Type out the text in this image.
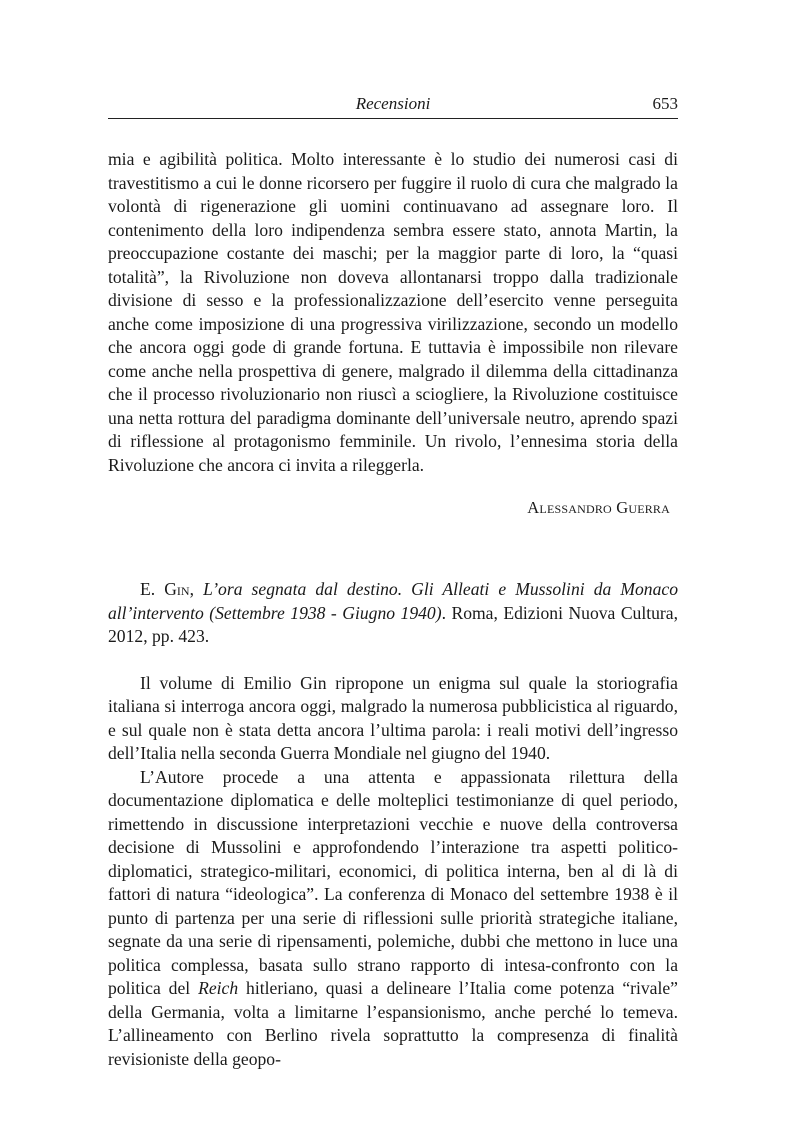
Recensioni	653

mia e agibilità politica. Molto interessante è lo studio dei numerosi casi di travestitismo a cui le donne ricorsero per fuggire il ruolo di cura che malgrado la volontà di rigenerazione gli uomini continuavano ad assegnare loro. Il contenimento della loro indipendenza sembra essere stato, annota Martin, la preoccupazione costante dei maschi; per la maggior parte di loro, la “quasi totalità”, la Rivoluzione non doveva allontanarsi troppo dalla tradizionale divisione di sesso e la professionalizzazione dell’esercito venne perseguita anche come imposizione di una progressiva virilizzazione, secondo un modello che ancora oggi gode di grande fortuna. E tuttavia è impossibile non rilevare come anche nella prospettiva di genere, malgrado il dilemma della cittadinanza che il processo rivoluzionario non riuscì a sciogliere, la Rivoluzione costituisce una netta rottura del paradigma dominante dell’universale neutro, aprendo spazi di riflessione al protagonismo femminile. Un rivolo, l’ennesima storia della Rivoluzione che ancora ci invita a rileggerla.

Alessandro Guerra

E. Gin, L’ora segnata dal destino. Gli Alleati e Mussolini da Monaco all’intervento (Settembre 1938 - Giugno 1940). Roma, Edizioni Nuova Cultura, 2012, pp. 423.

Il volume di Emilio Gin ripropone un enigma sul quale la storiografia italiana si interroga ancora oggi, malgrado la numerosa pubblicistica al riguardo, e sul quale non è stata detta ancora l’ultima parola: i reali motivi dell’ingresso dell’Italia nella seconda Guerra Mondiale nel giugno del 1940.

L’Autore procede a una attenta e appassionata rilettura della documentazione diplomatica e delle molteplici testimonianze di quel periodo, rimettendo in discussione interpretazioni vecchie e nuove della controversa decisione di Mussolini e approfondendo l’interazione tra aspetti politico-diplomatici, strategico-militari, economici, di politica interna, ben al di là di fattori di natura “ideologica”. La conferenza di Monaco del settembre 1938 è il punto di partenza per una serie di riflessioni sulle priorità strategiche italiane, segnate da una serie di ripensamenti, polemiche, dubbi che mettono in luce una politica complessa, basata sullo strano rapporto di intesa-confronto con la politica del Reich hitleriano, quasi a delineare l’Italia come potenza “rivale” della Germania, volta a limitarne l’espansionismo, anche perché lo temeva. L’allineamento con Berlino rivela soprattutto la compresenza di finalità revisioniste della geopo-
